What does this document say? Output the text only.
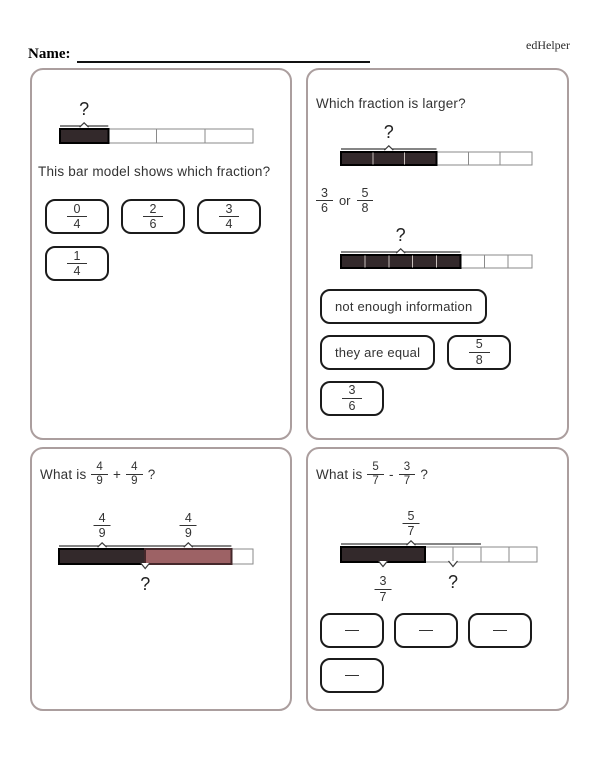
edHelper
Name:
?
This bar model shows which fraction?
$\frac{0}{4}$	$\frac{2}{6}$	$\frac{3}{4}$
$\frac{1}{4}$
Which fraction is larger?
?
$\frac{3}{6}$ or $\frac{5}{8}$
?
not enough information
they are equal	$\frac{5}{8}$
$\frac{3}{6}$
What is $\frac{4}{9} + \frac{4}{9}$ ?
$\frac{4}{9}$	$\frac{4}{9}$
?
What is $\frac{5}{7} - \frac{3}{7}$ ?
$\frac{5}{7}$
$\frac{3}{7}$	?
